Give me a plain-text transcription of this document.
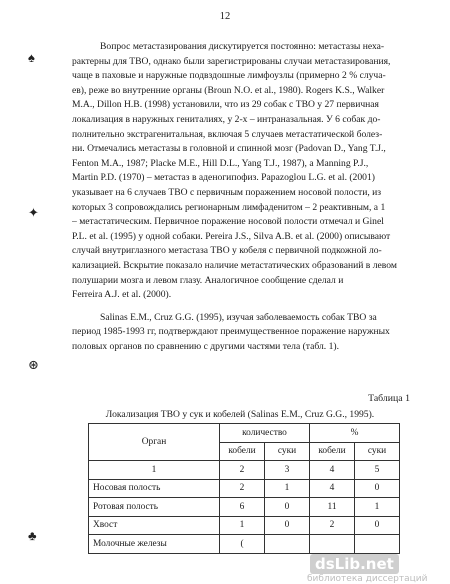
12
♠
✦
⊛
♣
Вопрос метастазирования дискутируется постоянно: метастазы неха-
рактерны для ТВО, однако были зарегистрированы случаи метастазирования,
чаще в паховые и наружные подвздошные лимфоузлы (примерно 2 % случа-
ев), реже во внутренние органы (Broun N.O. et al., 1980). Rogers K.S., Walker
M.A., Dillon H.B. (1998) установили, что из 29 собак с ТВО у 27 первичная
локализация в наружных гениталиях, у 2-х – интраназальная. У 6 собак до-
полнительно экстрагенитальная, включая 5 случаев метастатической болез-
ни. Отмечались метастазы в головной и спинной мозг (Padovan D., Yang T.J.,
Fenton M.A., 1987; Placke M.E., Hill D.L., Yang T.J., 1987), а Manning P.J.,
Martin P.D. (1970) – метастаз в аденогипофиз. Papazoglou L.G. et al. (2001)
указывает на 6 случаев ТВО с первичным поражением носовой полости, из
которых 3 сопровождались регионарным лимфаденитом – 2 реактивным, а 1
– метастатическим. Первичное поражение носовой полости отмечал и Ginel
P.L. et al. (1995) у одной собаки. Pereira J.S., Silva A.B. et al. (2000) описывают
случай внутриглазного метастаза ТВО у кобеля с первичной подкожной ло-
кализацией. Вскрытие показало наличие метастатических образований в левом
полушарии мозга и левом глазу. Аналогичное сообщение сделал и
Ferreira A.J. et al. (2000).
Salinas E.M., Cruz G.G. (1995), изучая заболеваемость собак ТВО за
период 1985-1993 гг, подтверждают преимущественное поражение наружных
половых органов по сравнению с другими частями тела (табл. 1).
Таблица 1
Локализация ТВО у сук и кобелей (Salinas E.M., Cruz G.G., 1995).
Орган	количество		%	
	кобели	суки	кобели	суки
1	2	3	4	5
Носовая полость	2	1	4	0
Ротовая полость	6	0	11	1
Хвост	1	0	2	0
Молочные железы	(			
dsLib.net
библиотека диссертаций
